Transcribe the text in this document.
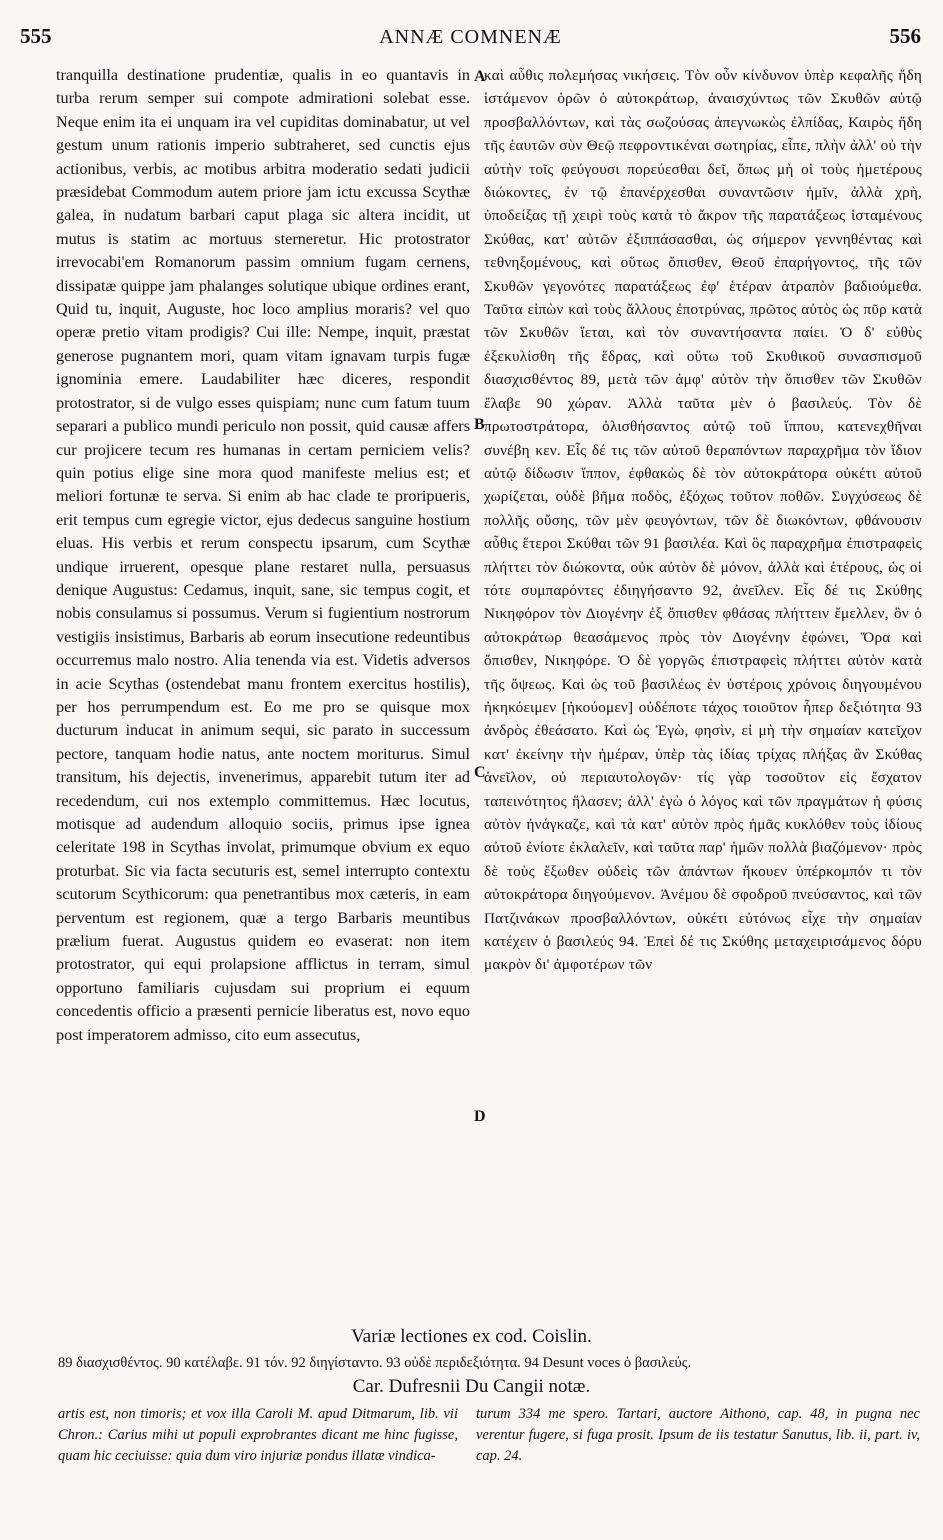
555	ANNÆ COMNENÆ	556

tranquilla destinatione prudentiæ, qualis in eo quantavis in turba rerum semper sui compote admirationi solebat esse. Neque enim ita ei unquam ira vel cupiditas dominabatur, ut vel gestum unum rationis imperio subtraheret, sed cunctis ejus actionibus, verbis, ac motibus arbitra moderatio sedati judicii præsidebat Commodum autem priore jam ictu excussa Scythæ galea, in nudatum barbari caput plaga sic altera incidit, ut mutus is statim ac mortuus sterneretur. Hic protostrator irrevocabi'em Romanorum passim omnium fugam cernens, dissipatæ quippe jam phalanges solutique ubique ordines erant, Quid tu, inquit, Auguste, hoc loco amplius moraris? vel quo operæ pretio vitam prodigis? Cui ille: Nempe, inquit, præstat generose pugnantem mori, quam vitam ignavam turpis fugæ ignominia emere. Laudabiliter hæc diceres, respondit protostrator, si de vulgo esses quispiam; nunc cum fatum tuum separari a publico mundi periculo non possit, quid causæ affers cur projicere tecum res humanas in certam perniciem velis? quin potius elige sine mora quod manifeste melius est; et meliori fortunæ te serva. Si enim ab hac clade te proripueris, erit tempus cum egregie victor, ejus dedecus sanguine hostium eluas. His verbis et rerum conspectu ipsarum, cum Scythæ undique irruerent, opesque plane restaret nulla, persuasus denique Augustus: Cedamus, inquit, sane, sic tempus cogit, et nobis consulamus si possumus. Verum si fugientium nostrorum vestigiis insistimus, Barbaris ab eorum insecutione redeuntibus occurremus malo nostro. Alia tenenda via est. Videtis adversos in acie Scythas (ostendebat manu frontem exercitus hostilis), per hos perrumpendum est. Eo me pro se quisque mox ducturum inducat in animum sequi, sic parato in successum pectore, tanquam hodie natus, ante noctem moriturus. Simul transitum, his dejectis, invenerimus, apparebit tutum iter ad recedendum, cui nos extemplo committemus. Hæc locutus, motisque ad audendum alloquio sociis, primus ipse ignea celeritate 198 in Scythas involat, primumque obvium ex equo proturbat. Sic via facta secuturis est, semel interrupto contextu scutorum Scythicorum: qua penetrantibus mox cæteris, in eam perventum est regionem, quæ a tergo Barbaris meuntibus prælium fuerat. Augustus quidem eo evaserat: non item protostrator, qui equi prolapsione afflictus in terram, simul opportuno familiaris cujusdam sui proprium ei equum concedentis officio a præsenti pernicie liberatus est, novo equo post imperatorem admisso, cito eum assecutus,

A
B
C
D

καὶ αὖθις πολεμήσας νικήσεις. Τὸν οὖν κίνδυνον ὑπὲρ κεφαλῆς ἤδη ἱστάμενον ὁρῶν ὁ αὐτοκράτωρ, ἀναισχύντως τῶν Σκυθῶν αὐτῷ προσβαλλόντων, καὶ τὰς σωζούσας ἀπεγνωκὼς ἐλπίδας, Καιρὸς ἤδη τῆς ἑαυτῶν σὺν Θεῷ πεφροντικέναι σωτηρίας, εἶπε, πλὴν ἀλλ' οὐ τὴν αὐτὴν τοῖς φεύγουσι πορεύεσθαι δεῖ, ὅπως μὴ οἱ τοὺς ἡμετέρους διώκοντες, ἐν τῷ ἐπανέρχεσθαι συναντῶσιν ἡμῖν, ἀλλὰ χρὴ, ὑποδείξας τῇ χειρὶ τοὺς κατὰ τὸ ἄκρον τῆς παρατάξεως ἱσταμένους Σκύθας, κατ' αὐτῶν ἐξιππάσασθαι, ὡς σήμερον γεννηθέντας καὶ τεθνηξομένους, καὶ οὕτως ὄπισθεν, Θεοῦ ἐπαρήγοντος, τῆς τῶν Σκυθῶν γεγονότες παρατάξεως ἐφ' ἑτέραν ἀτραπὸν βαδιούμεθα. Ταῦτα εἰπὼν καὶ τοὺς ἄλλους ἐποτρύνας, πρῶτος αὐτὸς ὡς πῦρ κατὰ τῶν Σκυθῶν ἵεται, καὶ τὸν συναντήσαντα παίει. Ὁ δ' εὐθὺς ἐξεκυλίσθη τῆς ἕδρας, καὶ οὕτω τοῦ Σκυθικοῦ συνασπισμοῦ διασχισθέντος 89, μετὰ τῶν ἀμφ' αὐτὸν τὴν ὄπισθεν τῶν Σκυθῶν ἔλαβε 90 χώραν. Ἀλλὰ ταῦτα μὲν ὁ βασιλεύς. Τὸν δὲ πρωτοστράτορα, ὀλισθήσαντος αὐτῷ τοῦ ἵππου, κατενεχθῆναι συνέβη κεν. Εἷς δέ τις τῶν αὐτοῦ θεραπόντων παραχρῆμα τὸν ἴδιον αὐτῷ δίδωσιν ἵππον, ἐφθακὼς δὲ τὸν αὐτοκράτορα οὐκέτι αὐτοῦ χωρίζεται, οὐδὲ βῆμα ποδὸς, ἐξόχως τοῦτον ποθῶν. Συγχύσεως δὲ πολλῆς οὔσης, τῶν μὲν φευγόντων, τῶν δὲ διωκόντων, φθάνουσιν αὖθις ἕτεροι Σκύθαι τῶν 91 βασιλέα. Καὶ ὃς παραχρῆμα ἐπιστραφεὶς πλήττει τὸν διώκοντα, οὐκ αὐτὸν δὲ μόνον, ἀλλὰ καὶ ἑτέρους, ὡς οἱ τότε συμπαρόντες ἐδιηγήσαντο 92, ἀνεῖλεν. Εἷς δέ τις Σκύθης Νικηφόρον τὸν Διογένην ἐξ ὄπισθεν φθάσας πλήττειν ἔμελλεν, ὃν ὁ αὐτοκράτωρ θεασάμενος πρὸς τὸν Διογένην ἐφώνει, Ὅρα καὶ ὄπισθεν, Νικηφόρε. Ὁ δὲ γοργῶς ἐπιστραφεὶς πλήττει αὐτὸν κατὰ τῆς ὄψεως. Καὶ ὡς τοῦ βασιλέως ἐν ὑστέροις χρόνοις διηγουμένου ἠκηκόειμεν [ἠκούομεν] οὐδέποτε τάχος τοιοῦτον ἧπερ δεξιότητα 93 ἀνδρὸς ἐθεάσατο. Καὶ ὡς Ἐγὼ, φησὶν, εἰ μὴ τὴν σημαίαν κατεῖχον κατ' ἐκείνην τὴν ἡμέραν, ὑπὲρ τὰς ἰδίας τρίχας πλήξας ἂν Σκύθας ἀνεῖλον, οὐ περιαυτολογῶν· τίς γὰρ τοσοῦτον εἰς ἔσχατον ταπεινότητος ἥλασεν; ἀλλ' ἐγὼ ὁ λόγος καὶ τῶν πραγμάτων ἡ φύσις αὐτὸν ἠνάγκαζε, καὶ τὰ κατ' αὐτὸν πρὸς ἡμᾶς κυκλόθεν τοὺς ἰδίους αὐτοῦ ἐνίοτε ἐκλαλεῖν, καὶ ταῦτα παρ' ἡμῶν πολλὰ βιαζόμενον· πρὸς δὲ τοὺς ἔξωθεν οὐδεὶς τῶν ἁπάντων ἤκουεν ὑπέρκομπόν τι τὸν αὐτοκράτορα διηγούμενον. Ἀνέμου δὲ σφοδροῦ πνεύσαντος, καὶ τῶν Πατζινάκων προσβαλλόντων, οὐκέτι εὐτόνως εἶχε τὴν σημαίαν κατέχειν ὁ βασιλεύς 94. Ἐπεὶ δέ τις Σκύθης μεταχειρισάμενος δόρυ μακρὸν δι' ἀμφοτέρων τῶν

Variæ lectiones ex cod. Coislin.
89 διασχισθέντος. 90 κατέλαβε. 91 τόν. 92 διηγίσταντο. 93 οὐδὲ περιδεξιότητα. 94 Desunt voces ὁ βασιλεύς.
Car. Dufresnii Du Cangii notæ.
artis est, non timoris; et vox illa Caroli M. apud Ditmarum, lib. vii Chron.: Carius mihi ut populi exprobrantes dicant me hinc fugisse, quam hic ceciuisse: quia dum viro injuriæ pondus illatæ vindica-
turum 334 me spero. Tartari, auctore Aithono, cap. 48, in pugna nec verentur fugere, si fuga prosit. Ipsum de iis testatur Sanutus, lib. ii, part. iv, cap. 24.
